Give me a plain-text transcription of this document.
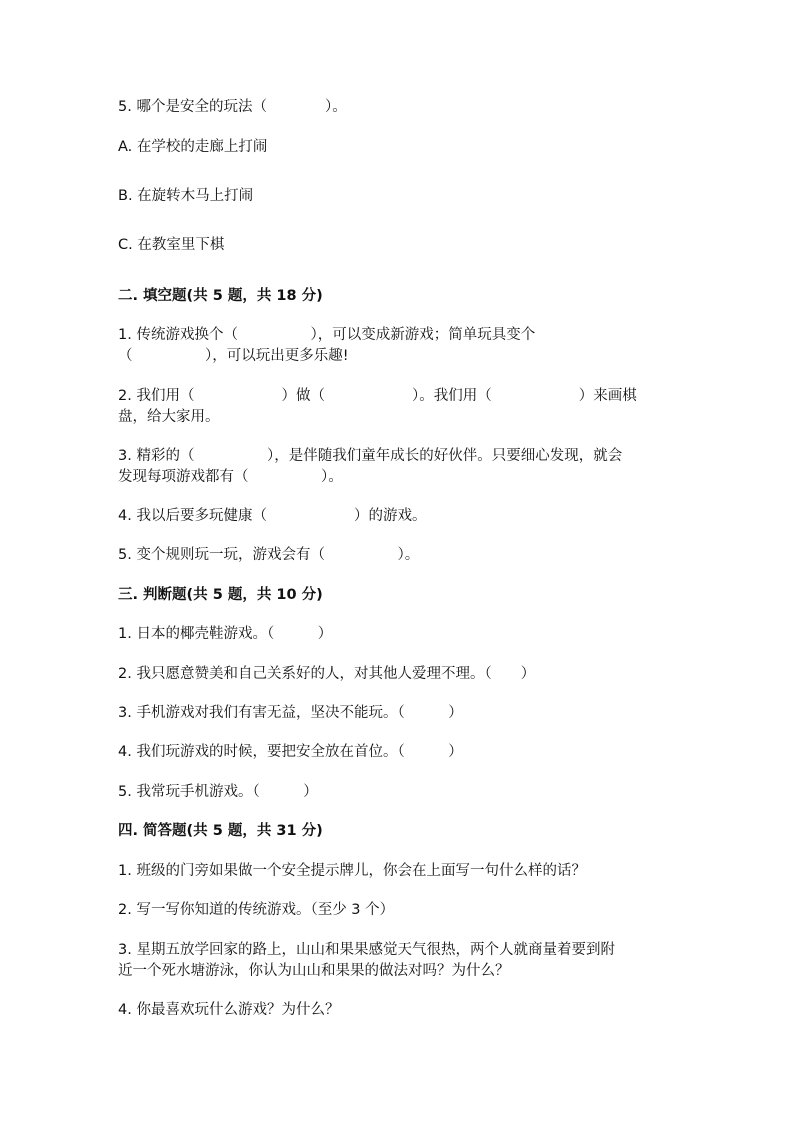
5. 哪个是安全的玩法（　　　　）。
A. 在学校的走廊上打闹
B. 在旋转木马上打闹
C. 在教室里下棋
二. 填空题(共 5 题，共 18 分)
1. 传统游戏换个（　　　　　），可以变成新游戏；简单玩具变个
（　　　　　），可以玩出更多乐趣!
2. 我们用（　　　　　　）做（　　　　　　）。我们用（　　　　　　）来画棋
盘，给大家用。
3. 精彩的（　　　　　），是伴随我们童年成长的好伙伴。只要细心发现，就会
发现每项游戏都有（　　　　　）。
4. 我以后要多玩健康（　　　　　　）的游戏。
5. 变个规则玩一玩，游戏会有（　　　　　）。
三. 判断题(共 5 题，共 10 分)
1. 日本的椰壳鞋游戏。（　　　）
2. 我只愿意赞美和自己关系好的人，对其他人爱理不理。（　　）
3. 手机游戏对我们有害无益，坚决不能玩。（　　　）
4. 我们玩游戏的时候，要把安全放在首位。（　　　）
5. 我常玩手机游戏。（　　　）
四. 简答题(共 5 题，共 31 分)
1. 班级的门旁如果做一个安全提示牌儿，你会在上面写一句什么样的话？
2. 写一写你知道的传统游戏。（至少 3 个）
3. 星期五放学回家的路上，山山和果果感觉天气很热，两个人就商量着要到附
近一个死水塘游泳，你认为山山和果果的做法对吗？为什么？
4. 你最喜欢玩什么游戏？为什么？
